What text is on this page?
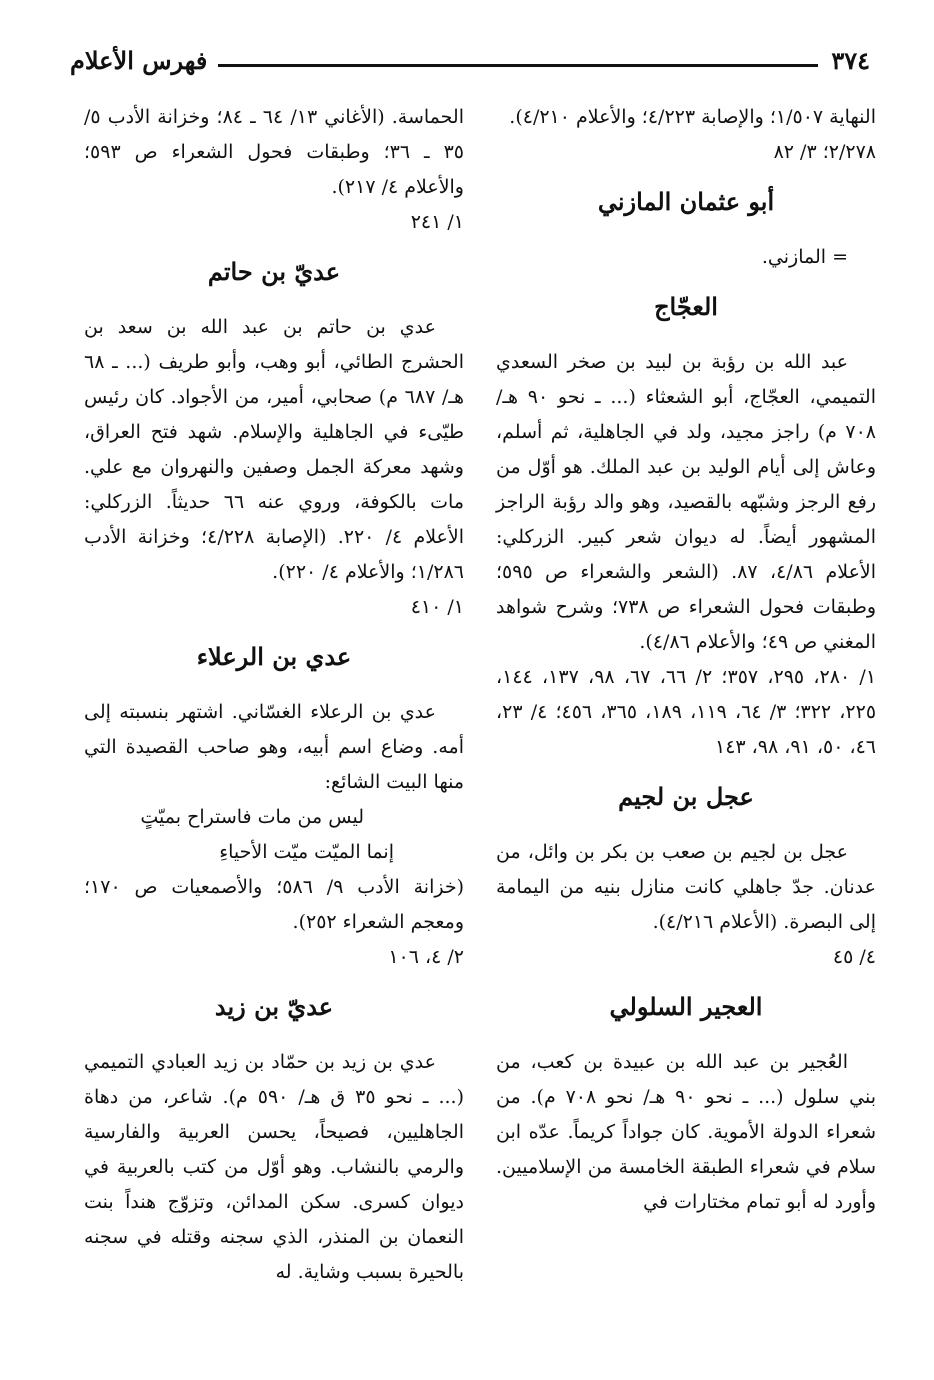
٣٧٤
فهرس الأعلام

النهاية ١/٥٠٧؛ والإصابة ٤/٢٢٣؛ والأعلام ٤/٢١٠).

٢/٢٧٨؛ ٣/ ٨٢

أبو عثمان المازني

= المازني.

العجّاج

عبد الله بن رؤبة بن لبيد بن صخر السعدي التميمي، العجّاج، أبو الشعثاء (... ـ نحو ٩٠ هـ/ ٧٠٨ م) راجز مجيد، ولد في الجاهلية، ثم أسلم، وعاش إلى أيام الوليد بن عبد الملك. هو أوّل من رفع الرجز وشبّهه بالقصيد، وهو والد رؤبة الراجز المشهور أيضاً. له ديوان شعر كبير. الزركلي: الأعلام ٤/٨٦، ٨٧. (الشعر والشعراء ص ٥٩٥؛ وطبقات فحول الشعراء ص ٧٣٨؛ وشرح شواهد المغني ص ٤٩؛ والأعلام ٤/٨٦).

١/ ٢٨٠، ٢٩٥، ٣٥٧؛ ٢/ ٦٦، ٦٧، ٩٨، ١٣٧، ١٤٤، ٢٢٥، ٣٢٢؛ ٣/ ٦٤، ١١٩، ١٨٩، ٣٦٥، ٤٥٦؛ ٤/ ٢٣، ٤٦، ٥٠، ٩١، ٩٨، ١٤٣

عجل بن لجيم

عجل بن لجيم بن صعب بن بكر بن وائل، من عدنان. جدّ جاهلي كانت منازل بنيه من اليمامة إلى البصرة. (الأعلام ٤/٢١٦).

٤/ ٤٥

العجير السلولي

العُجير بن عبد الله بن عبيدة بن كعب، من بني سلول (... ـ نحو ٩٠ هـ/ نحو ٧٠٨ م). من شعراء الدولة الأموية. كان جواداً كريماً. عدّه ابن سلام في شعراء الطبقة الخامسة من الإسلاميين. وأورد له أبو تمام مختارات في

الحماسة. (الأغاني ١٣/ ٦٤ ـ ٨٤؛ وخزانة الأدب ٥/ ٣٥ ـ ٣٦؛ وطبقات فحول الشعراء ص ٥٩٣؛ والأعلام ٤/ ٢١٧).

١/ ٢٤١

عديّ بن حاتم

عدي بن حاتم بن عبد الله بن سعد بن الحشرج الطائي، أبو وهب، وأبو طريف (... ـ ٦٨ هـ/ ٦٨٧ م) صحابي، أمير، من الأجواد. كان رئيس طيّىء في الجاهلية والإسلام. شهد فتح العراق، وشهد معركة الجمل وصفين والنهروان مع علي. مات بالكوفة، وروي عنه ٦٦ حديثاً. الزركلي: الأعلام ٤/ ٢٢٠. (الإصابة ٤/٢٢٨؛ وخزانة الأدب ١/٢٨٦؛ والأعلام ٤/ ٢٢٠).

١/ ٤١٠

عدي بن الرعلاء

عدي بن الرعلاء الغسّاني. اشتهر بنسبته إلى أمه. وضاع اسم أبيه، وهو صاحب القصيدة التي منها البيت الشائع:

ليس من مات فاستراح بميّتٍ
إنما الميّت ميّت الأحياءِ

(خزانة الأدب ٩/ ٥٨٦؛ والأصمعيات ص ١٧٠؛ ومعجم الشعراء ٢٥٢).

٢/ ٤، ١٠٦

عديّ بن زيد

عدي بن زيد بن حمّاد بن زيد العبادي التميمي (... ـ نحو ٣٥ ق هـ/ ٥٩٠ م). شاعر، من دهاة الجاهليين، فصيحاً، يحسن العربية والفارسية والرمي بالنشاب. وهو أوّل من كتب بالعربية في ديوان كسرى. سكن المدائن، وتزوّج هنداً بنت النعمان بن المنذر، الذي سجنه وقتله في سجنه بالحيرة بسبب وشاية. له
